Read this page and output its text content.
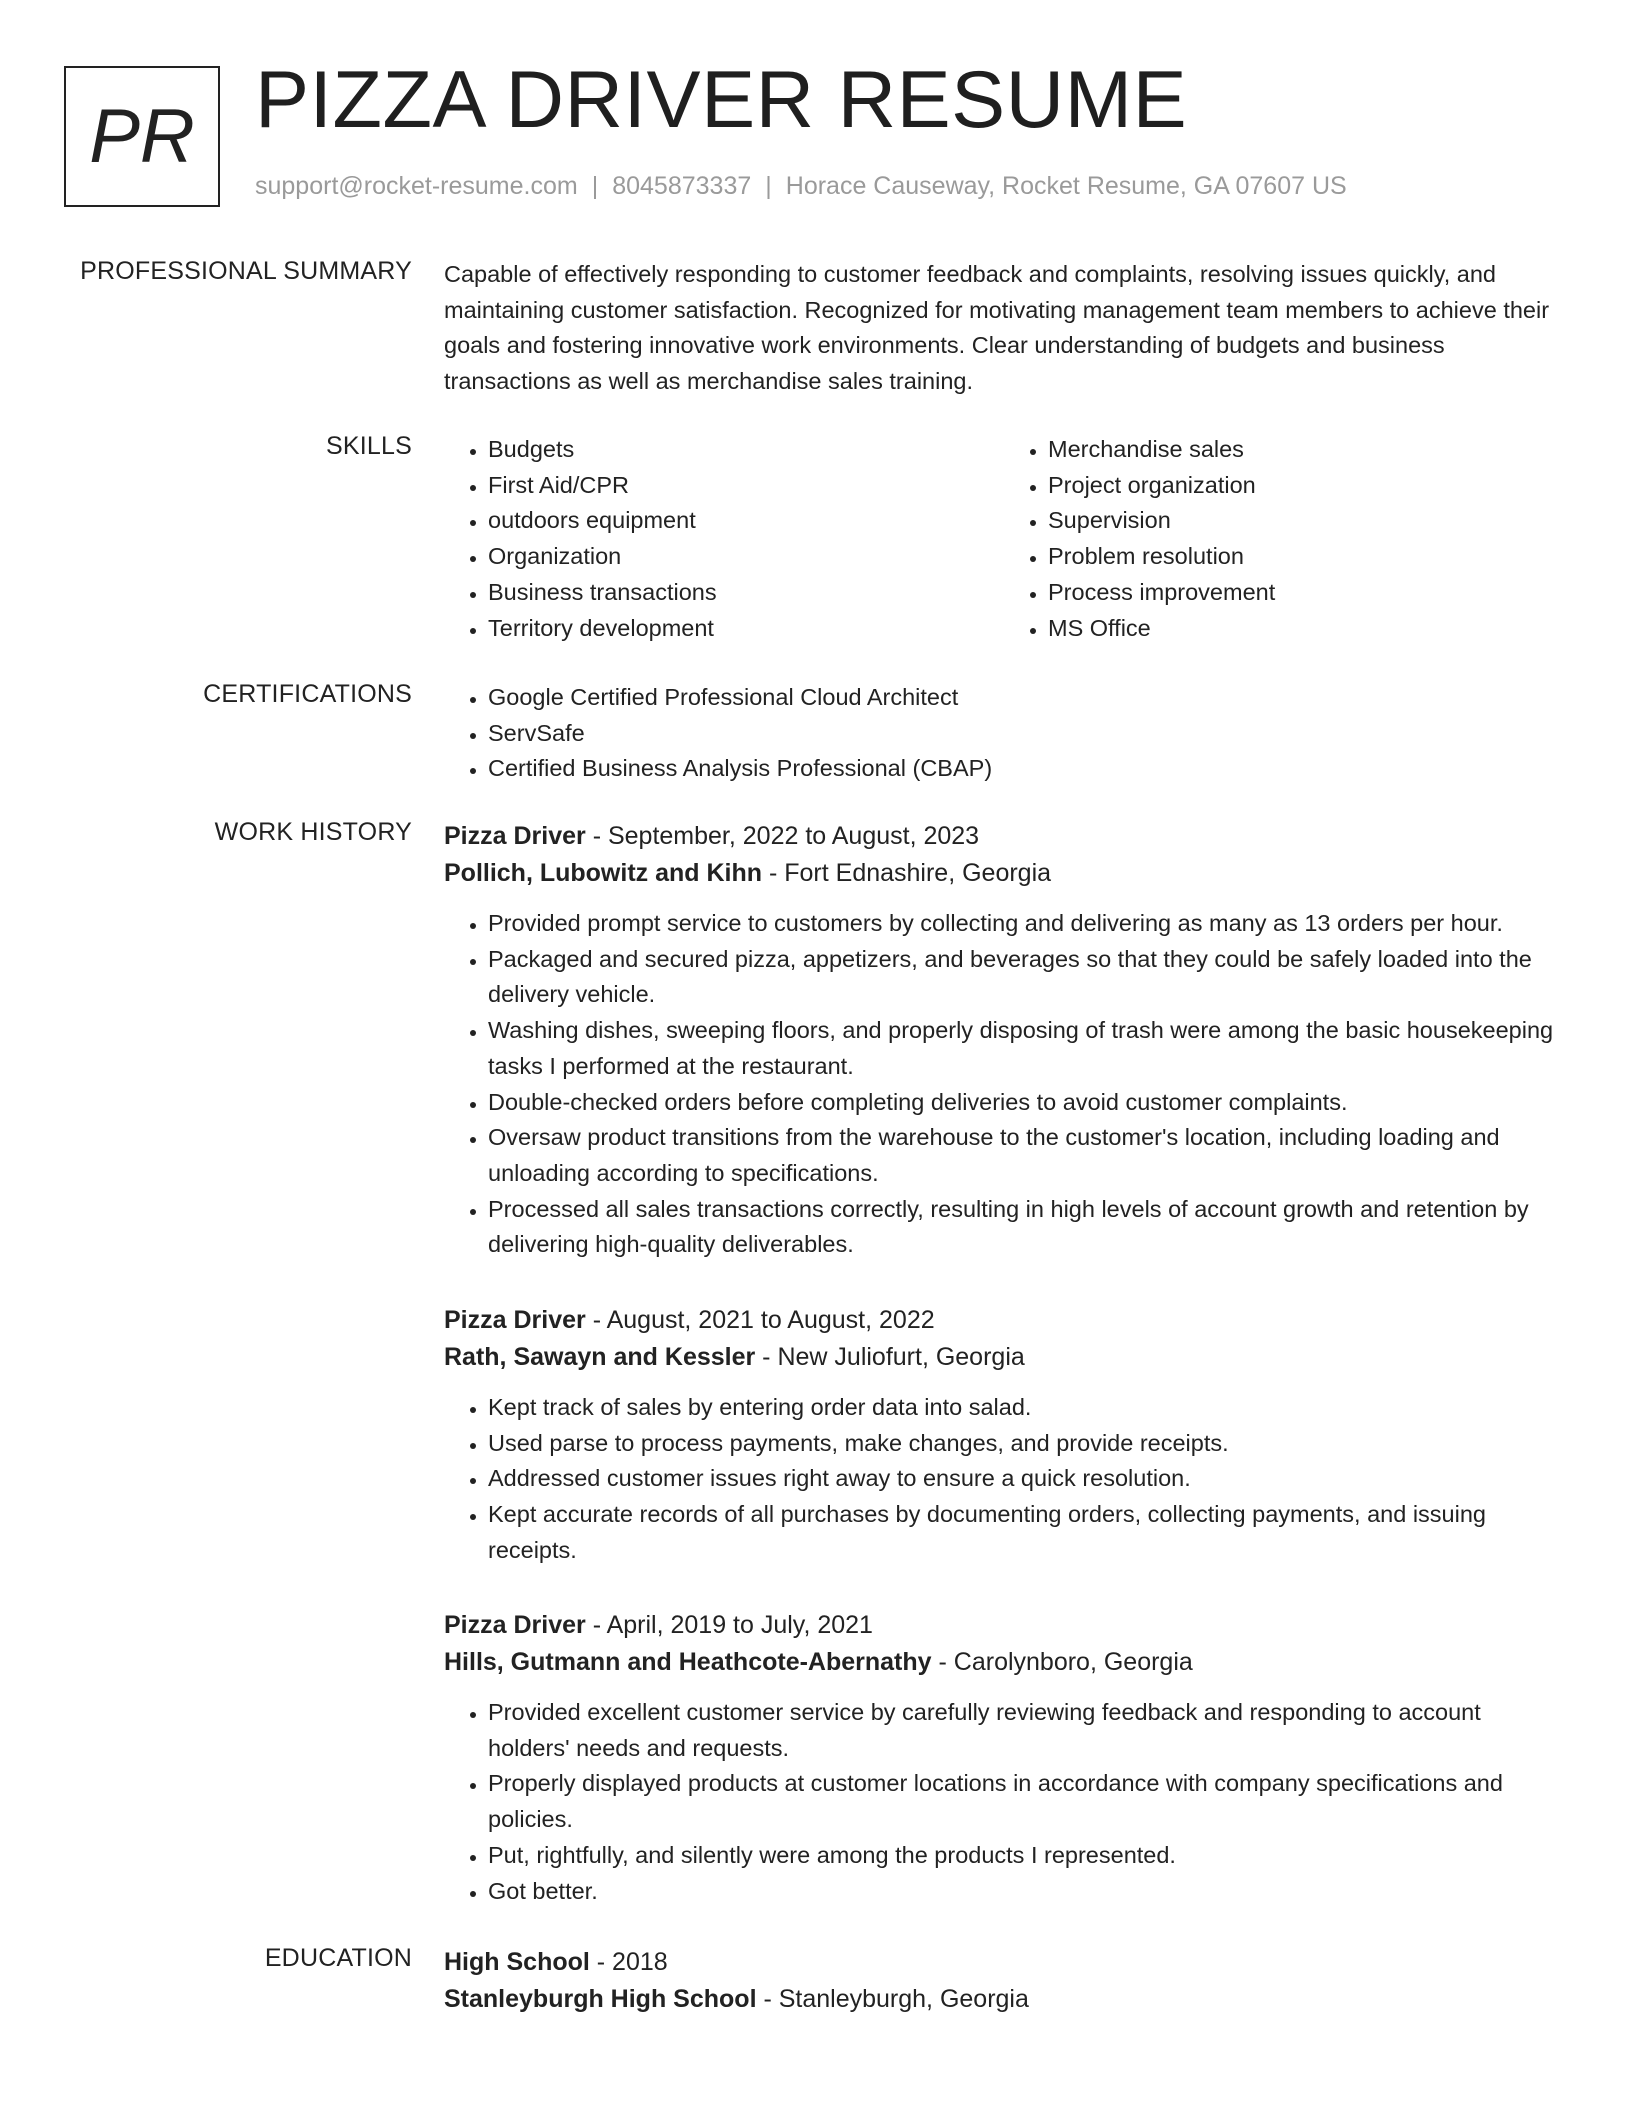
PR PIZZA DRIVER RESUME
support@rocket-resume.com | 8045873337 | Horace Causeway, Rocket Resume, GA 07607 US
PROFESSIONAL SUMMARY Capable of effectively responding to customer feedback and complaints, resolving issues quickly, and maintaining customer satisfaction. Recognized for motivating management team members to achieve their goals and fostering innovative work environments. Clear understanding of budgets and business transactions as well as merchandise sales training.

SKILLS	• Budgets
• First Aid/CPR
• outdoors equipment
• Organization
• Business transactions
• Territory development
• Merchandise sales
• Project organization
• Supervision
• Problem resolution
• Process improvement
• MS Office
CERTIFICATIONS	• Google Certified Professional Cloud Architect
• ServSafe
• Certified Business Analysis Professional (CBAP)
WORK HISTORY Pizza Driver - September, 2022 to August, 2023
Pollich, Lubowitz and Kihn - Fort Ednashire, Georgia
• Provided prompt service to customers by collecting and delivering as many as 13 orders per hour.
• Packaged and secured pizza, appetizers, and beverages so that they could be safely loaded into the delivery vehicle.
• Washing dishes, sweeping floors, and properly disposing of trash were among the basic housekeeping tasks I performed at the restaurant.
• Double-checked orders before completing deliveries to avoid customer complaints.
• Oversaw product transitions from the warehouse to the customer's location, including loading and unloading according to specifications.
• Processed all sales transactions correctly, resulting in high levels of account growth and retention by delivering high-quality deliverables.
Pizza Driver - August, 2021 to August, 2022
Rath, Sawayn and Kessler - New Juliofurt, Georgia
• Kept track of sales by entering order data into salad.
• Used parse to process payments, make changes, and provide receipts.
• Addressed customer issues right away to ensure a quick resolution.
• Kept accurate records of all purchases by documenting orders, collecting payments, and issuing receipts.
Pizza Driver - April, 2019 to July, 2021
Hills, Gutmann and Heathcote-Abernathy - Carolynboro, Georgia
• Provided excellent customer service by carefully reviewing feedback and responding to account holders' needs and requests.
• Properly displayed products at customer locations in accordance with company specifications and policies.
• Put, rightfully, and silently were among the products I represented.
• Got better.
EDUCATION High School - 2018
Stanleyburgh High School - Stanleyburgh, Georgia
